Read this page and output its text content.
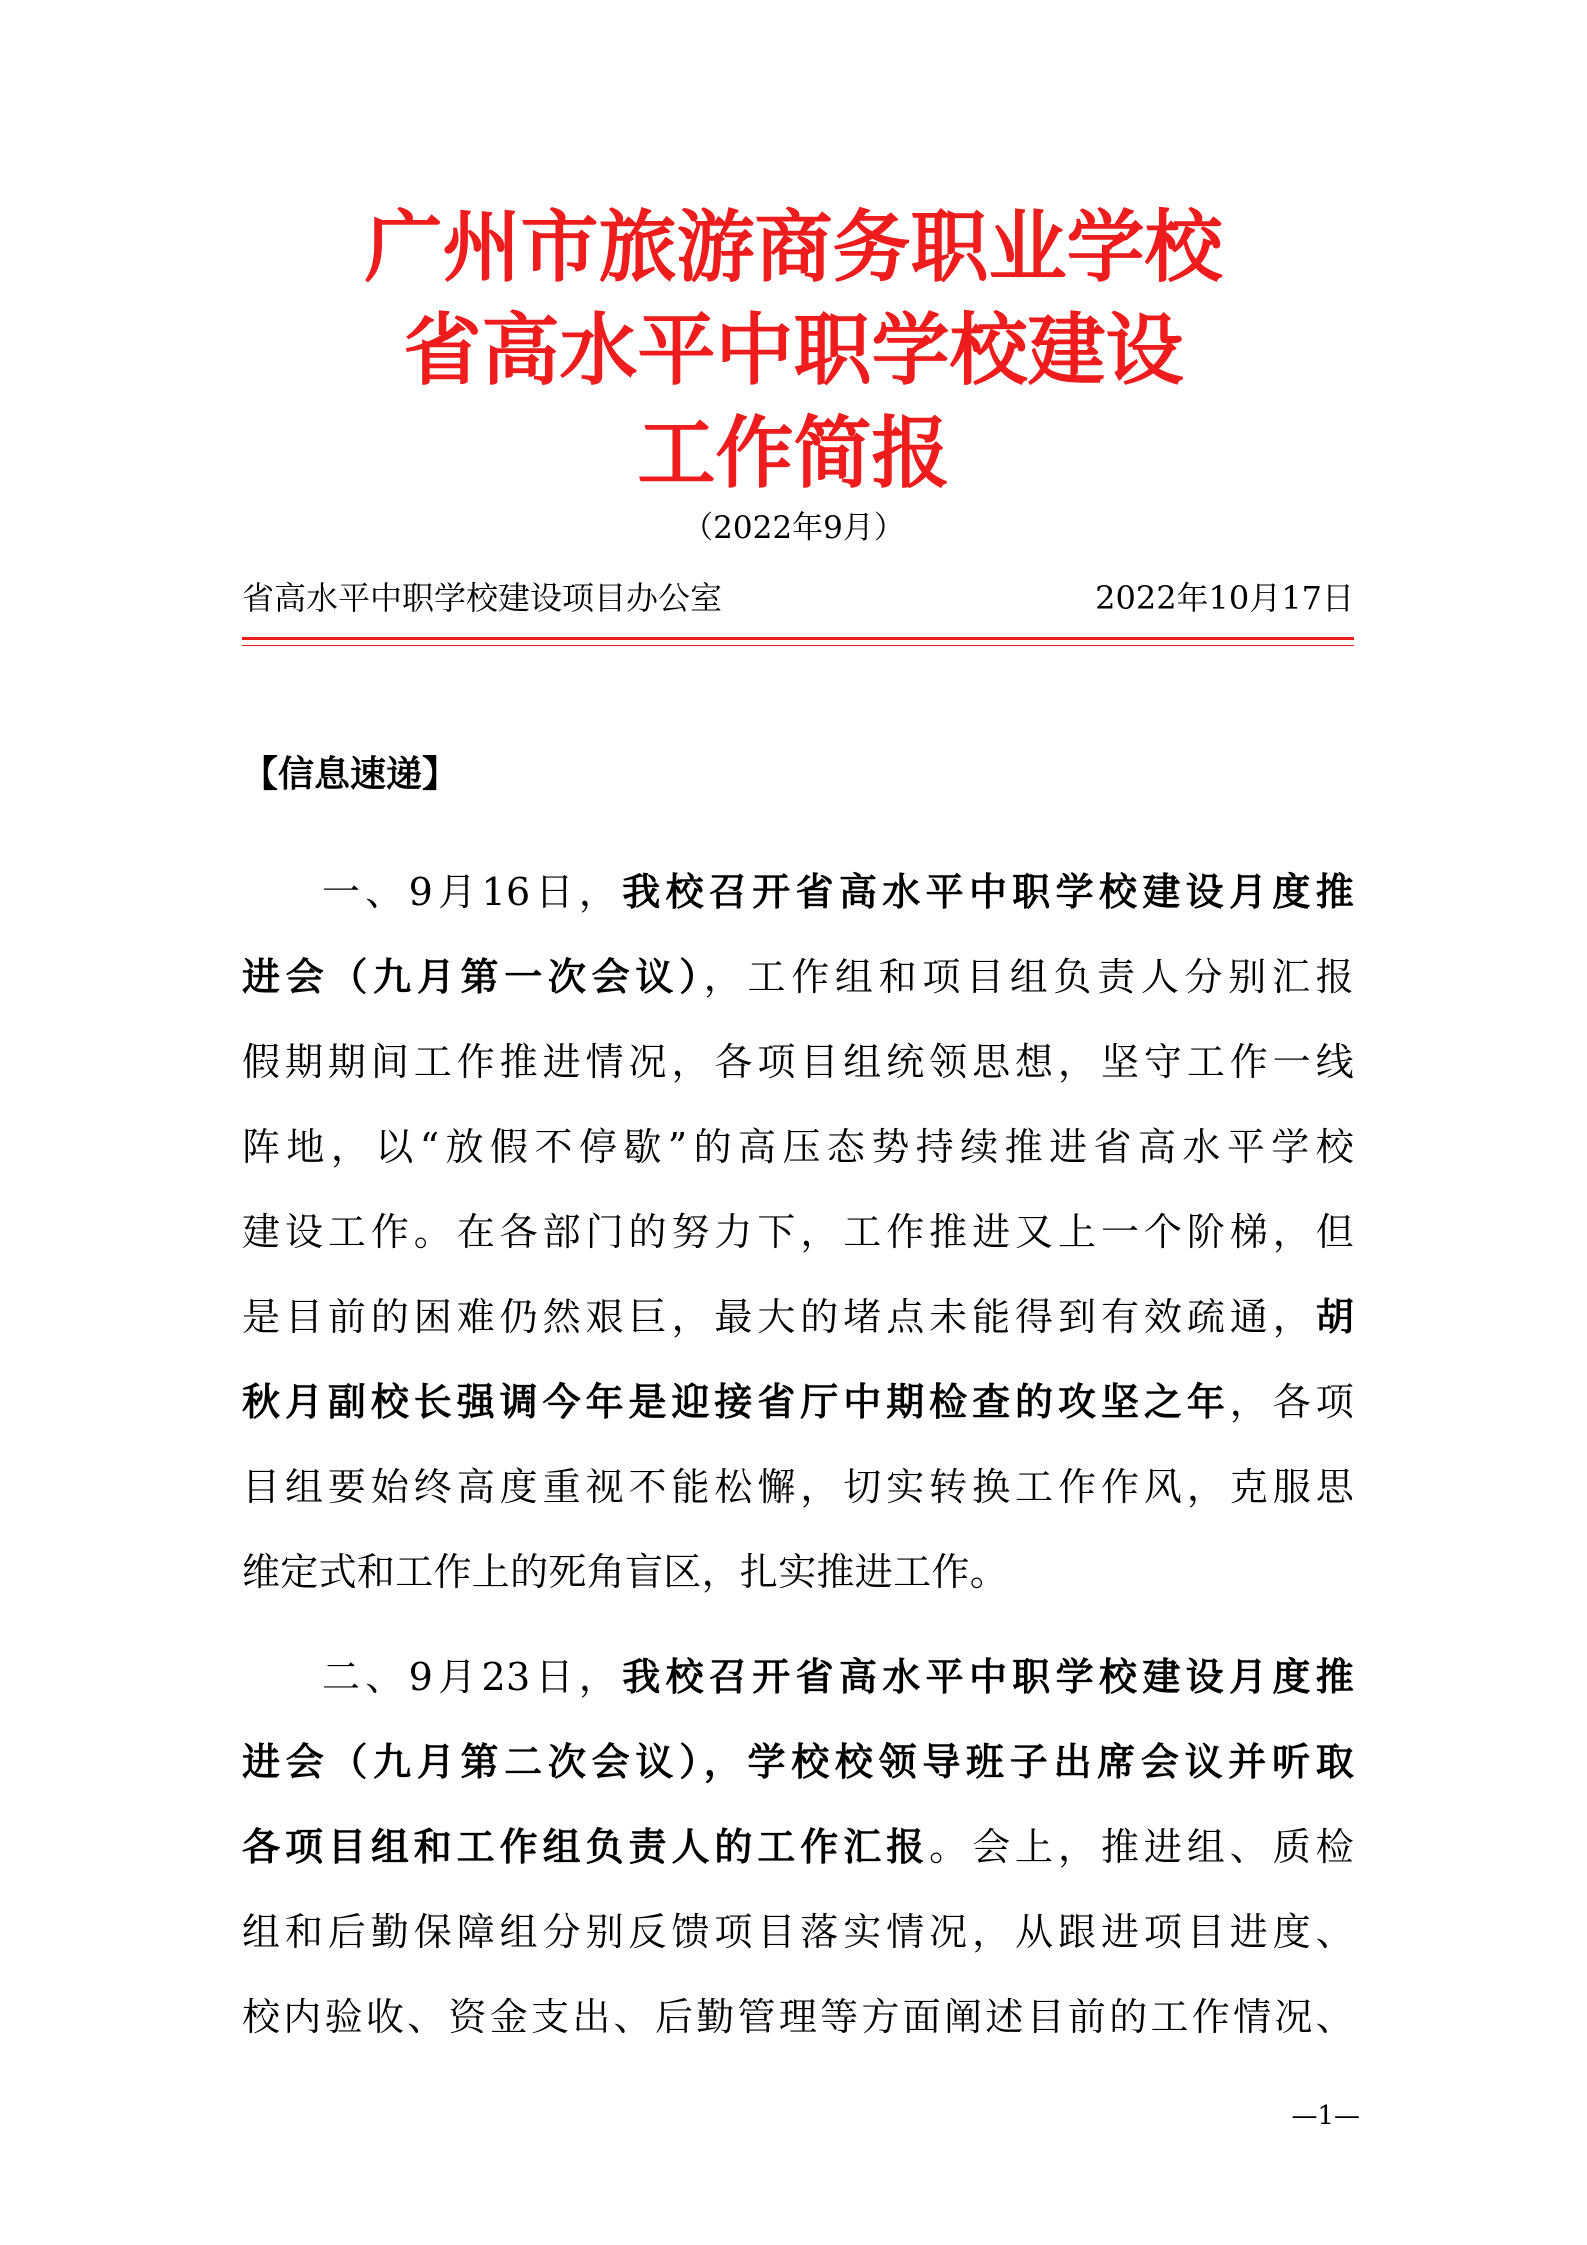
广州市旅游商务职业学校
省高水平中职学校建设
工作简报
（2022年9月）
省高水平中职学校建设项目办公室	2022年10月17日
【信息速递】
一、9月16日，我校召开省高水平中职学校建设月度推
进会（九月第一次会议），工作组和项目组负责人分别汇报
假期期间工作推进情况，各项目组统领思想，坚守工作一线
阵地，以“放假不停歇”的高压态势持续推进省高水平学校
建设工作。在各部门的努力下，工作推进又上一个阶梯，但
是目前的困难仍然艰巨，最大的堵点未能得到有效疏通，胡
秋月副校长强调今年是迎接省厅中期检查的攻坚之年，各项
目组要始终高度重视不能松懈，切实转换工作作风，克服思
维定式和工作上的死角盲区，扎实推进工作。
二、9月23日，我校召开省高水平中职学校建设月度推
进会（九月第二次会议），学校校领导班子出席会议并听取
各项目组和工作组负责人的工作汇报。会上，推进组、质检
组和后勤保障组分别反馈项目落实情况，从跟进项目进度、
校内验收、资金支出、后勤管理等方面阐述目前的工作情况、
—1—
